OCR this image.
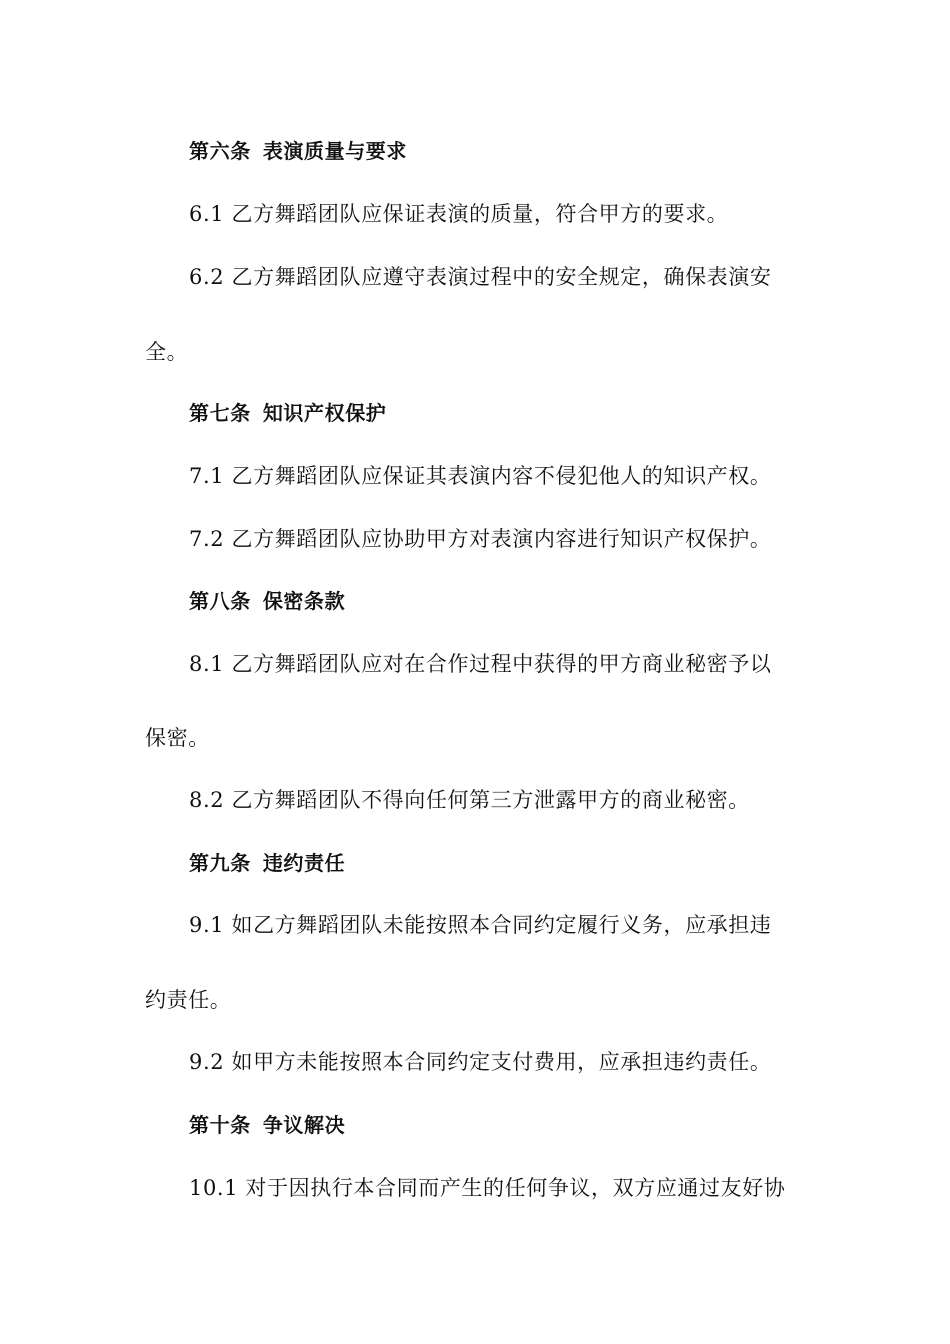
第六条 表演质量与要求
6.1 乙方舞蹈团队应保证表演的质量，符合甲方的要求。
6.2 乙方舞蹈团队应遵守表演过程中的安全规定，确保表演安
全。
第七条 知识产权保护
7.1 乙方舞蹈团队应保证其表演内容不侵犯他人的知识产权。
7.2 乙方舞蹈团队应协助甲方对表演内容进行知识产权保护。
第八条 保密条款
8.1 乙方舞蹈团队应对在合作过程中获得的甲方商业秘密予以
保密。
8.2 乙方舞蹈团队不得向任何第三方泄露甲方的商业秘密。
第九条 违约责任
9.1 如乙方舞蹈团队未能按照本合同约定履行义务，应承担违
约责任。
9.2 如甲方未能按照本合同约定支付费用，应承担违约责任。
第十条 争议解决
10.1 对于因执行本合同而产生的任何争议，双方应通过友好协
